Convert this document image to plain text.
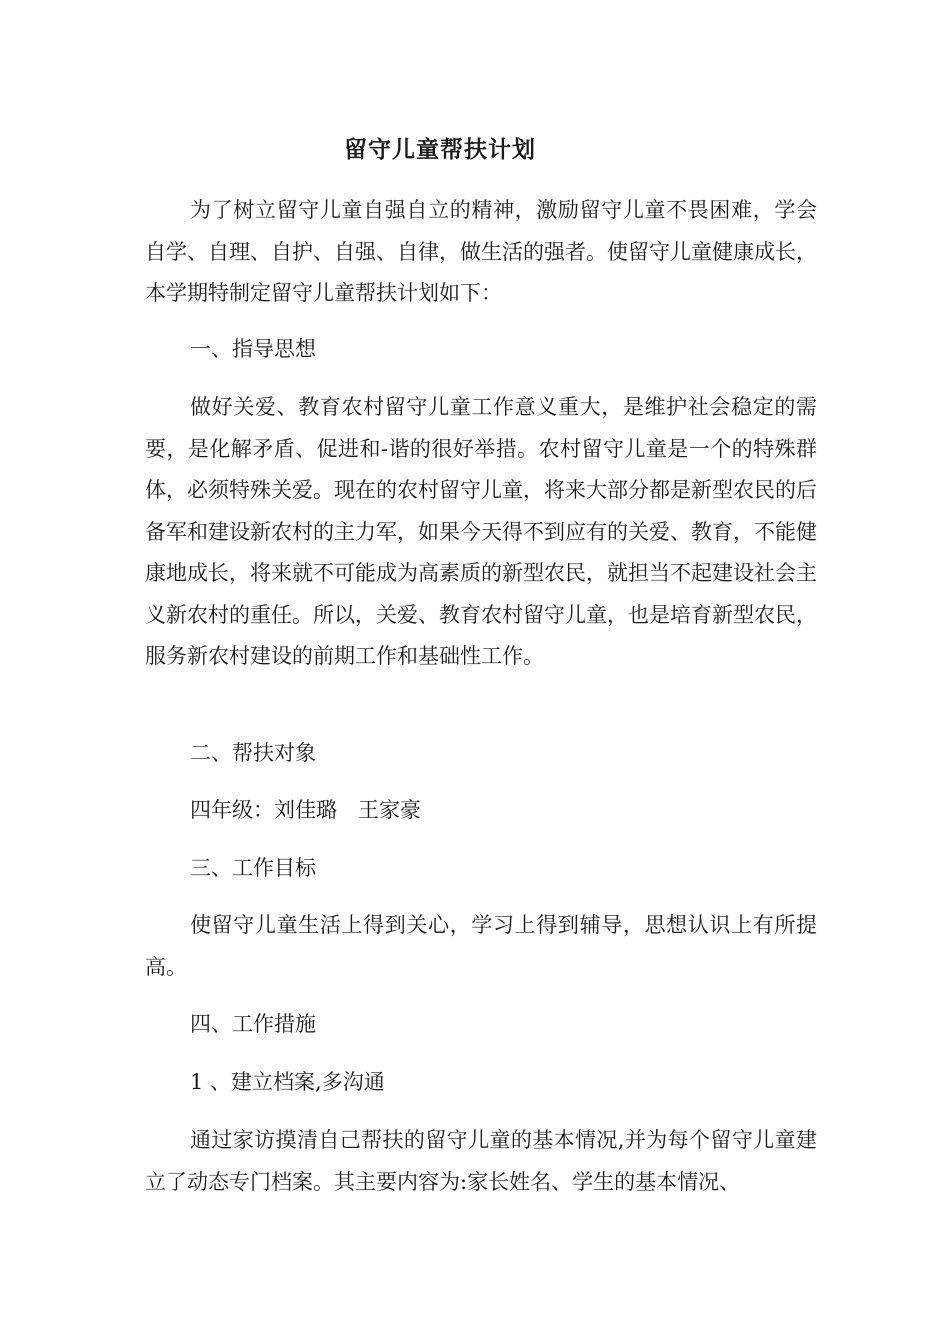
留守儿童帮扶计划

为了树立留守儿童自强自立的精神，激励留守儿童不畏困难，学会自学、自理、自护、自强、自律，做生活的强者。使留守儿童健康成长，本学期特制定留守儿童帮扶计划如下：

一、指导思想

做好关爱、教育农村留守儿童工作意义重大，是维护社会稳定的需要，是化解矛盾、促进和-谐的很好举措。农村留守儿童是一个的特殊群体，必须特殊关爱。现在的农村留守儿童，将来大部分都是新型农民的后备军和建设新农村的主力军，如果今天得不到应有的关爱、教育，不能健康地成长，将来就不可能成为高素质的新型农民，就担当不起建设社会主义新农村的重任。所以，关爱、教育农村留守儿童，也是培育新型农民，服务新农村建设的前期工作和基础性工作。

二、帮扶对象

四年级：刘佳璐　王家豪

三、工作目标

使留守儿童生活上得到关心，学习上得到辅导，思想认识上有所提高。

四、工作措施

1 、建立档案,多沟通

通过家访摸清自己帮扶的留守儿童的基本情况,并为每个留守儿童建立了动态专门档案。其主要内容为:家长姓名、学生的基本情况、
